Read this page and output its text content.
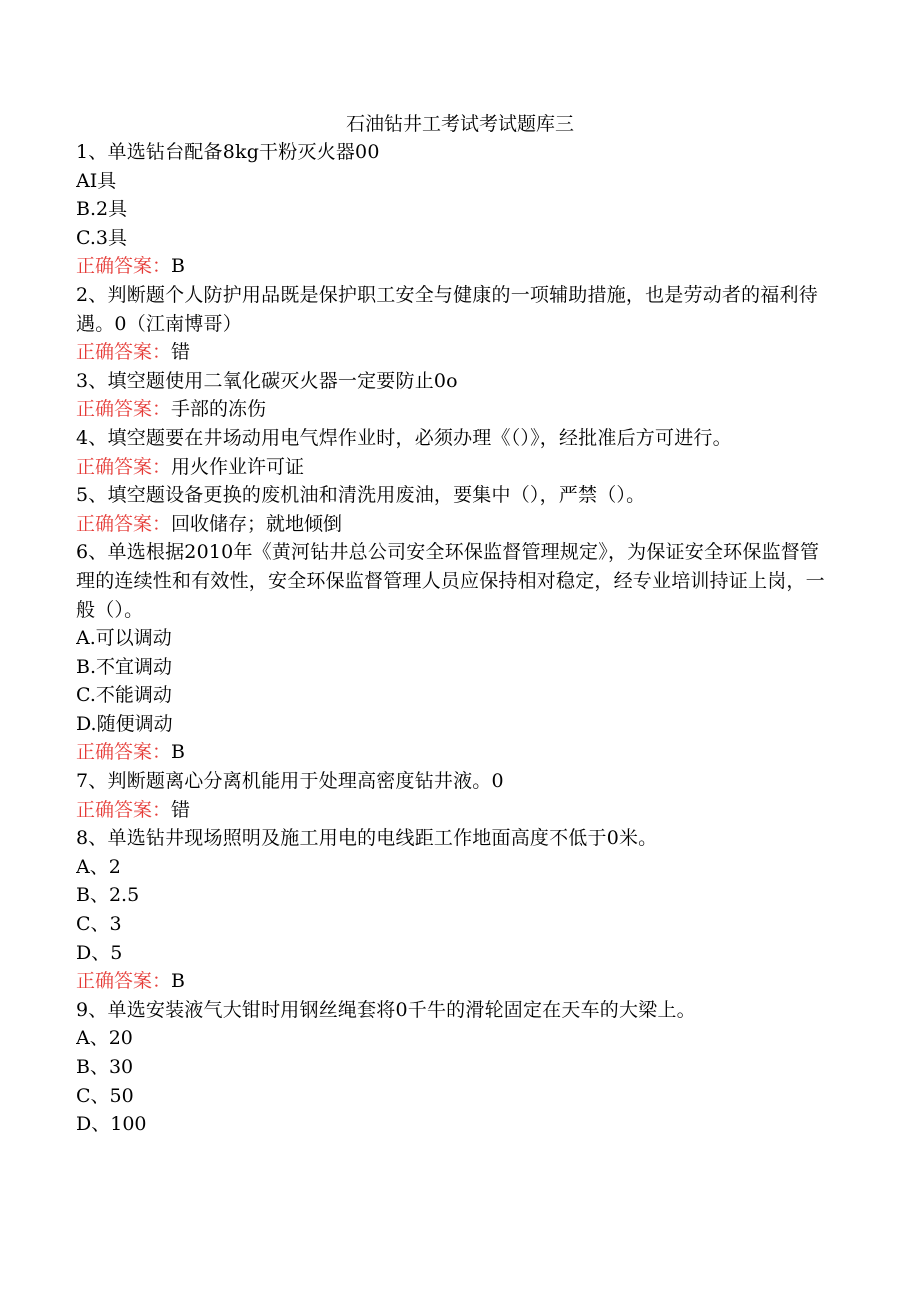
石油钻井工考试考试题库三

1、单选钻台配备8kg干粉灭火器00

AI具

B.2具

C.3具

正确答案：B

2、判断题个人防护用品既是保护职工安全与健康的一项辅助措施，也是劳动者的福利待遇。0（江南博哥）

正确答案：错

3、填空题使用二氧化碳灭火器一定要防止0o

正确答案：手部的冻伤

4、填空题要在井场动用电气焊作业时，必须办理《（）》，经批准后方可进行。

正确答案：用火作业许可证

5、填空题设备更换的废机油和清洗用废油，要集中（），严禁（）。

正确答案：回收储存；就地倾倒

6、单选根据2010年《黄河钻井总公司安全环保监督管理规定》，为保证安全环保监督管理的连续性和有效性，安全环保监督管理人员应保持相对稳定，经专业培训持证上岗，一般（）。

A.可以调动

B.不宜调动

C.不能调动

D.随便调动

正确答案：B

7、判断题离心分离机能用于处理高密度钻井液。0

正确答案：错

8、单选钻井现场照明及施工用电的电线距工作地面高度不低于0米。

A、2

B、2.5

C、3

D、5

正确答案：B

9、单选安装液气大钳时用钢丝绳套将0千牛的滑轮固定在天车的大梁上。

A、20

B、30

C、50

D、100
